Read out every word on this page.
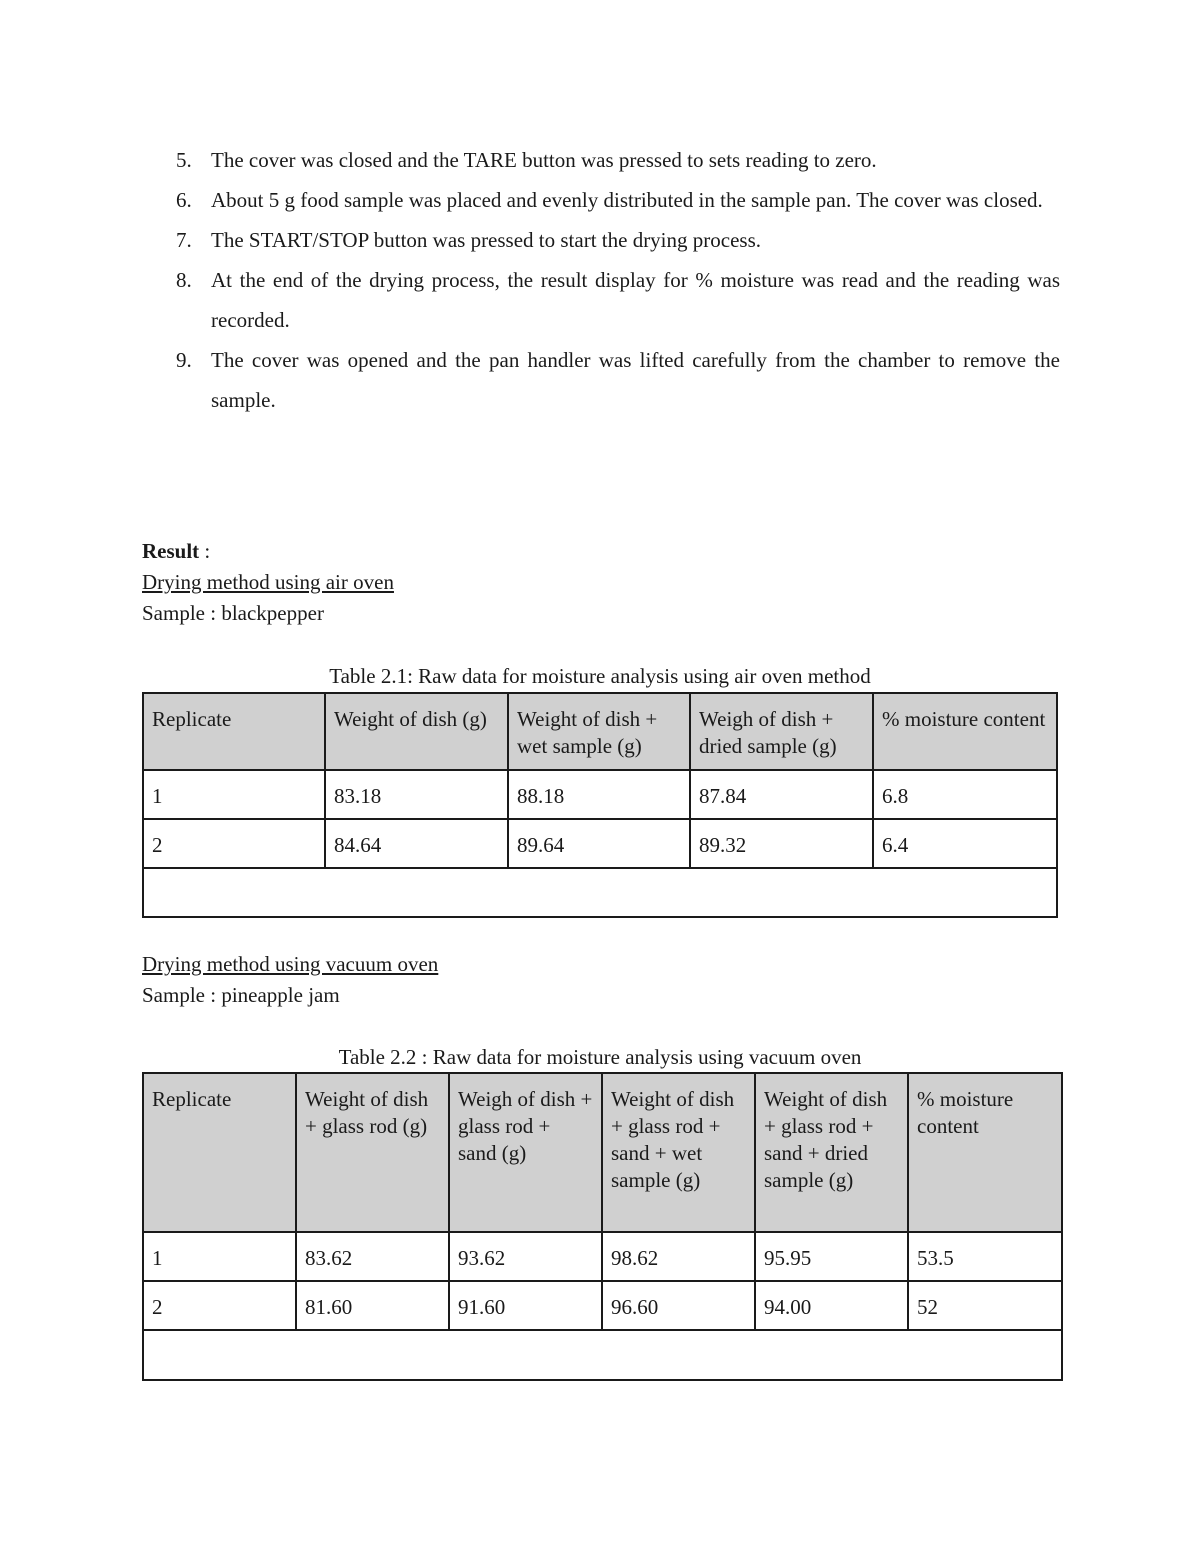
5. The cover was closed and the TARE button was pressed to sets reading to zero.
6. About 5 g food sample was placed and evenly distributed in the sample pan. The cover was closed.
7. The START/STOP button was pressed to start the drying process.
8. At the end of the drying process, the result display for % moisture was read and the reading was recorded.
9. The cover was opened and the pan handler was lifted carefully from the chamber to remove the sample.
Result :
Drying method using air oven
Sample : blackpepper
Table 2.1: Raw data for moisture analysis using air oven method
Replicate	Weight of dish (g)	Weight of dish + wet sample (g)	Weigh of dish + dried sample (g)	% moisture content
1	83.18	88.18	87.84	6.8
2	84.64	89.64	89.32	6.4

Drying method using vacuum oven
Sample : pineapple jam
Table 2.2 : Raw data for moisture analysis using vacuum oven
Replicate	Weight of dish + glass rod (g)	Weigh of dish + glass rod + sand (g)	Weight of dish + glass rod + sand + wet sample (g)	Weight of dish + glass rod + sand + dried sample (g)	% moisture content
1	83.62	93.62	98.62	95.95	53.5
2	81.60	91.60	96.60	94.00	52
